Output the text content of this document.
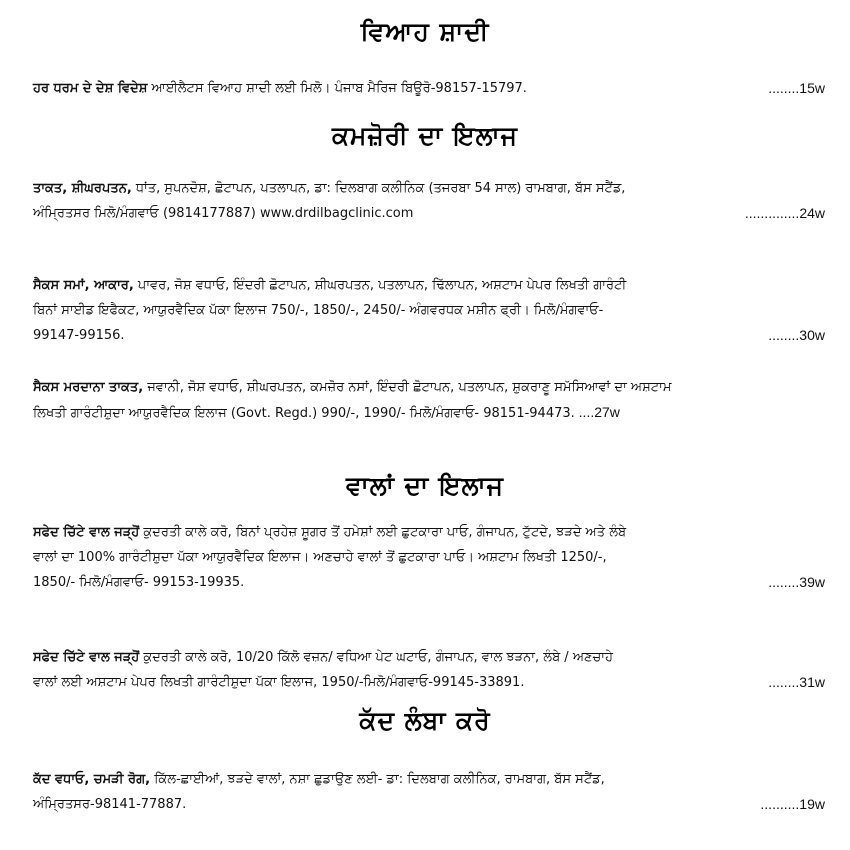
ਵਿਆਹ ਸ਼ਾਦੀ
ਹਰ ਧਰਮ ਦੇ ਦੇਸ਼ ਵਿਦੇਸ਼ ਆਈਲੈਟਸ ਵਿਆਹ ਸ਼ਾਦੀ ਲਈ ਮਿਲੋ। ਪੰਜਾਬ ਮੈਰਿਜ ਬਿਊਰੋ-98157-15797.	........15w
ਕਮਜ਼ੋਰੀ ਦਾ ਇਲਾਜ
ਤਾਕਤ, ਸ਼ੀਘਰਪਤਨ, ਧਾਂਤ, ਸੁਪਨਦੋਸ਼, ਛੋਟਾਪਨ, ਪਤਲਾਪਨ, ਡਾ: ਦਿਲਬਾਗ ਕਲੀਨਿਕ (ਤਜਰਬਾ 54 ਸਾਲ) ਰਾਮਬਾਗ, ਬੱਸ ਸਟੈਂਡ,
ਅੰਮ੍ਰਿਤਸਰ ਮਿਲੋ/ਮੰਗਵਾਓ (9814177887) www.drdilbagclinic.com	..............24w
ਸੈਕਸ ਸਮਾਂ, ਆਕਾਰ, ਪਾਵਰ, ਜੋਸ਼ ਵਧਾਓ, ਇੰਦਰੀ ਛੋਟਾਪਨ, ਸ਼ੀਘਰਪਤਨ, ਪਤਲਾਪਨ, ਢਿੱਲਾਪਨ, ਅਸ਼ਟਾਮ ਪੇਪਰ ਲਿਖਤੀ ਗਾਰੰਟੀ
ਬਿਨਾਂ ਸਾਈਡ ਇਫੈਕਟ, ਆਯੁਰਵੈਦਿਕ ਪੱਕਾ ਇਲਾਜ 750/-, 1850/-, 2450/- ਅੰਗਵਰਧਕ ਮਸ਼ੀਨ ਫ੍ਰੀ। ਮਿਲੋ/ਮੰਗਵਾਓ-
99147-99156.	........30w
ਸੈਕਸ ਮਰਦਾਨਾ ਤਾਕਤ, ਜਵਾਨੀ, ਜੋਸ਼ ਵਧਾਓ, ਸ਼ੀਘਰਪਤਨ, ਕਮਜ਼ੋਰ ਨਸਾਂ, ਇੰਦਰੀ ਛੋਟਾਪਨ, ਪਤਲਾਪਨ, ਸ਼ੁਕਰਾਣੂ ਸਮੱਸਿਆਵਾਂ ਦਾ ਅਸ਼ਟਾਮ
ਲਿਖਤੀ ਗਾਰੰਟੀਸ਼ੁਦਾ ਆਯੁਰਵੈਦਿਕ ਇਲਾਜ (Govt. Regd.) 990/-, 1990/- ਮਿਲੋ/ਮੰਗਵਾਓ- 98151-94473. ....27w
ਵਾਲਾਂ ਦਾ ਇਲਾਜ
ਸਫੇਦ ਚਿੱਟੇ ਵਾਲ ਜੜ੍ਹੋਂ ਕੁਦਰਤੀ ਕਾਲੇ ਕਰੋ, ਬਿਨਾਂ ਪ੍ਰਹੇਜ਼ ਸ਼ੂਗਰ ਤੋਂ ਹਮੇਸ਼ਾਂ ਲਈ ਛੁਟਕਾਰਾ ਪਾਓ, ਗੰਜਾਪਨ, ਟੁੱਟਦੇ, ਝੜਦੇ ਅਤੇ ਲੰਬੇ
ਵਾਲਾਂ ਦਾ 100% ਗਾਰੰਟੀਸ਼ੁਦਾ ਪੱਕਾ ਆਯੁਰਵੈਦਿਕ ਇਲਾਜ। ਅਣਚਾਹੇ ਵਾਲਾਂ ਤੋਂ ਛੁਟਕਾਰਾ ਪਾਓ। ਅਸ਼ਟਾਮ ਲਿਖਤੀ 1250/-,
1850/- ਮਿਲੋ/ਮੰਗਵਾਓ- 99153-19935.	........39w
ਸਫੇਦ ਚਿੱਟੇ ਵਾਲ ਜੜ੍ਹੋਂ ਕੁਦਰਤੀ ਕਾਲੇ ਕਰੋ, 10/20 ਕਿੱਲੋ ਵਜ਼ਨ/ ਵਧਿਆ ਪੇਟ ਘਟਾਓ, ਗੰਜਾਪਨ, ਵਾਲ ਝੜਨਾ, ਲੰਬੇ / ਅਣਚਾਹੇ
ਵਾਲਾਂ ਲਈ ਅਸ਼ਟਾਮ ਪੇਪਰ ਲਿਖਤੀ ਗਾਰੰਟੀਸ਼ੁਦਾ ਪੱਕਾ ਇਲਾਜ, 1950/-ਮਿਲੋ/ਮੰਗਵਾਓ-99145-33891.	........31w
ਕੱਦ ਲੰਬਾ ਕਰੋ
ਕੱਦ ਵਧਾਓ, ਚਮੜੀ ਰੋਗ, ਕਿੱਲ-ਛਾਈਆਂ, ਝੜਦੇ ਵਾਲਾਂ, ਨਸ਼ਾ ਛੁਡਾਉਣ ਲਈ- ਡਾ: ਦਿਲਬਾਗ ਕਲੀਨਿਕ, ਰਾਮਬਾਗ, ਬੱਸ ਸਟੈਂਡ,
ਅੰਮ੍ਰਿਤਸਰ-98141-77887.	..........19w
